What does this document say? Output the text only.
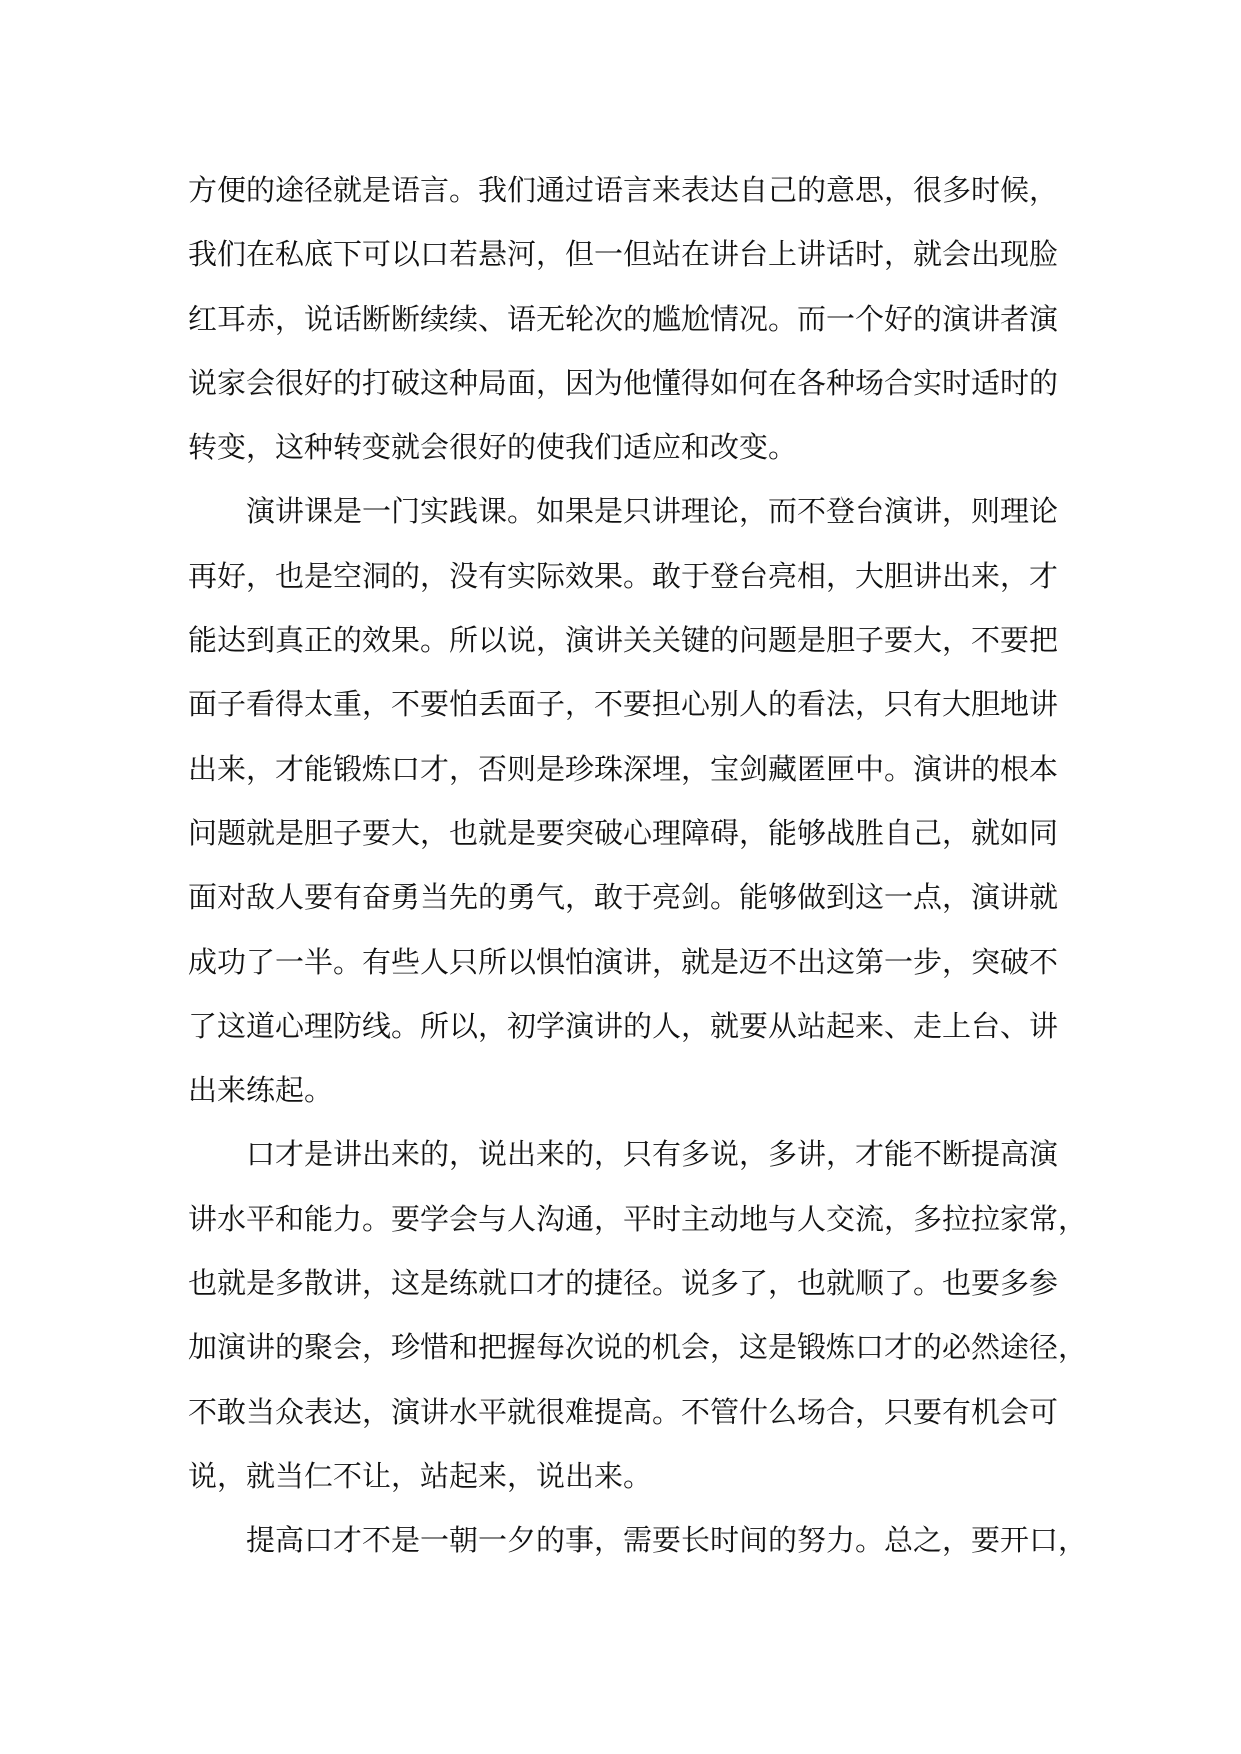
方便的途径就是语言。我们通过语言来表达自己的意思，很多时候，
我们在私底下可以口若悬河，但一但站在讲台上讲话时，就会出现脸
红耳赤，说话断断续续、语无轮次的尴尬情况。而一个好的演讲者演
说家会很好的打破这种局面，因为他懂得如何在各种场合实时适时的
转变，这种转变就会很好的使我们适应和改变。
演讲课是一门实践课。如果是只讲理论，而不登台演讲，则理论
再好，也是空洞的，没有实际效果。敢于登台亮相，大胆讲出来，才
能达到真正的效果。所以说，演讲关关键的问题是胆子要大，不要把
面子看得太重，不要怕丢面子，不要担心别人的看法，只有大胆地讲
出来，才能锻炼口才，否则是珍珠深埋，宝剑藏匿匣中。演讲的根本
问题就是胆子要大，也就是要突破心理障碍，能够战胜自己，就如同
面对敌人要有奋勇当先的勇气，敢于亮剑。能够做到这一点，演讲就
成功了一半。有些人只所以惧怕演讲，就是迈不出这第一步，突破不
了这道心理防线。所以，初学演讲的人，就要从站起来、走上台、讲
出来练起。
口才是讲出来的，说出来的，只有多说，多讲，才能不断提高演
讲水平和能力。要学会与人沟通，平时主动地与人交流，多拉拉家常，
也就是多散讲，这是练就口才的捷径。说多了，也就顺了。也要多参
加演讲的聚会，珍惜和把握每次说的机会，这是锻炼口才的必然途径，
不敢当众表达，演讲水平就很难提高。不管什么场合，只要有机会可
说，就当仁不让，站起来，说出来。
提高口才不是一朝一夕的事，需要长时间的努力。总之，要开口，
